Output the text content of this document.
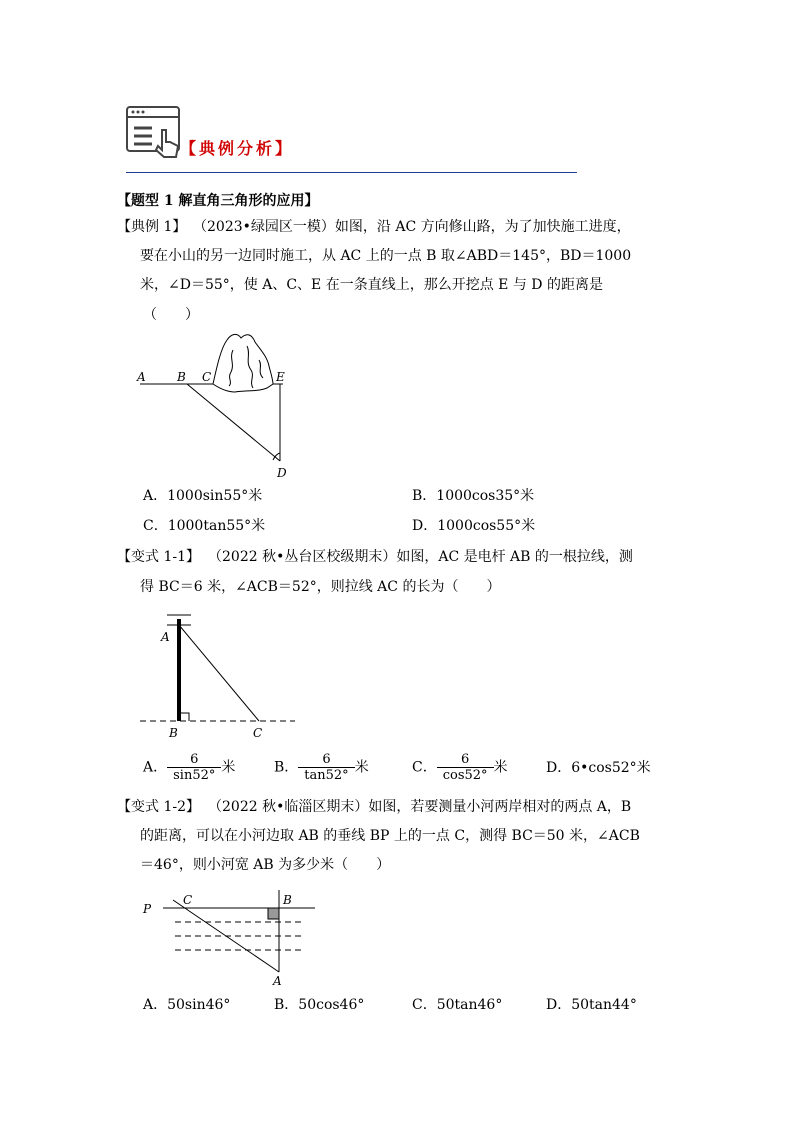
【典例分析】
【题型 1 解直角三角形的应用】
【典例 1】 （2023•绿园区一模）如图，沿 AC 方向修山路，为了加快施工进度，
要在小山的另一边同时施工，从 AC 上的一点 B 取∠ABD＝145°，BD＝1000
米，∠D＝55°，使 A、C、E 在一条直线上，那么开挖点 E 与 D 的距离是
（　　）
A	B C	E
D
A．1000sin55°米	B．1000cos35°米
C．1000tan55°米	D．1000cos55°米
【变式 1-1】 （2022 秋•丛台区校级期末）如图，AC 是电杆 AB 的一根拉线，测
得 BC＝6 米，∠ACB＝52°，则拉线 AC 的长为（　　）
A
B	C
A． $\frac{6}{\sin 52^\circ}$ 米	B． $\frac{6}{\tan 52^\circ}$ 米	C． $\frac{6}{\cos 52^\circ}$ 米	D．6•cos52°米
【变式 1-2】 （2022 秋•临淄区期末）如图，若要测量小河两岸相对的两点 A，B
的距离，可以在小河边取 AB 的垂线 BP 上的一点 C，测得 BC＝50 米，∠ACB
＝46°，则小河宽 AB 为多少米（　　）
P
C	B
A
A．50sin46°	B．50cos46°	C．50tan46°	D．50tan44°
